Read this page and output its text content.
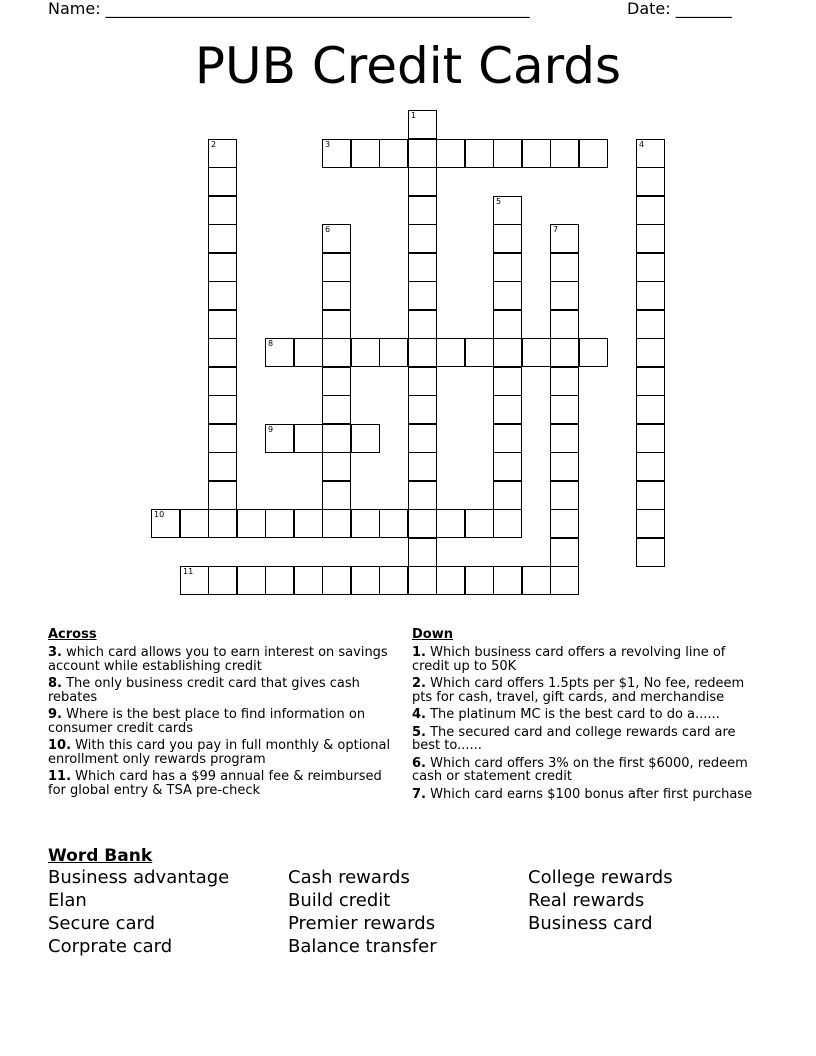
Name: _____________________________________________________	Date: _______
PUB Credit Cards
1
2	3	4
5
6	7
8
9
10
11
Across
3. which card allows you to earn interest on savings account while establishing credit
8. The only business credit card that gives cash rebates
9. Where is the best place to find information on consumer credit cards
10. With this card you pay in full monthly & optional enrollment only rewards program
11. Which card has a $99 annual fee & reimbursed for global entry & TSA pre-check
Down
1. Which business card offers a revolving line of credit up to 50K
2. Which card offers 1.5pts per $1, No fee, redeem pts for cash, travel, gift cards, and merchandise
4. The platinum MC is the best card to do a......
5. The secured card and college rewards card are best to......
6. Which card offers 3% on the first $6000, redeem cash or statement credit
7. Which card earns $100 bonus after first purchase
Word Bank
Business advantage
Elan
Secure card
Corprate card
Cash rewards
Build credit
Premier rewards
Balance transfer
College rewards
Real rewards
Business card
